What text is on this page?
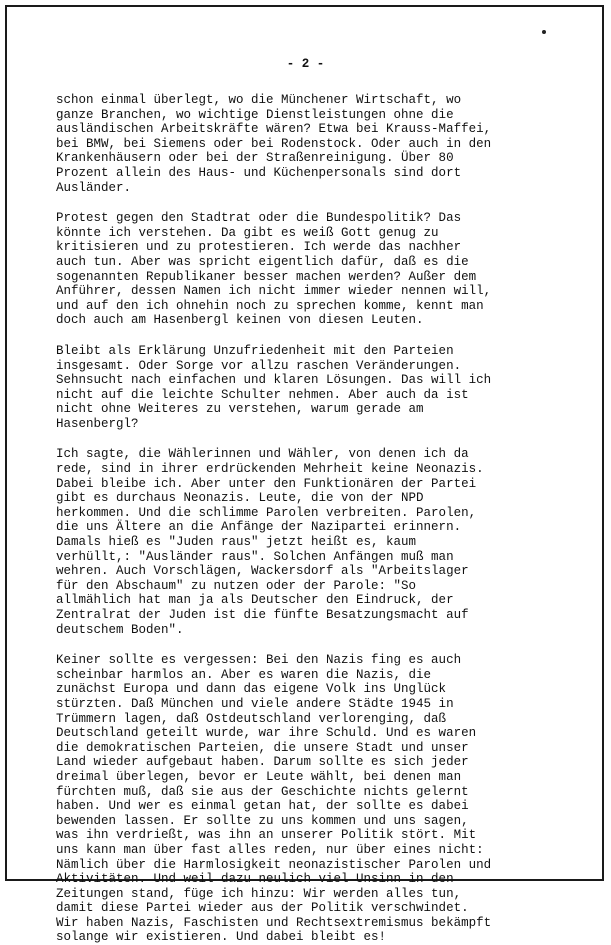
- 2 -

schon einmal überlegt, wo die Münchener Wirtschaft, wo
ganze Branchen, wo wichtige Dienstleistungen ohne die
ausländischen Arbeitskräfte wären? Etwa bei Krauss-Maffei,
bei BMW, bei Siemens oder bei Rodenstock. Oder auch in den
Krankenhäusern oder bei der Straßenreinigung. Über 80
Prozent allein des Haus- und Küchenpersonals sind dort
Ausländer.

Protest gegen den Stadtrat oder die Bundespolitik? Das
könnte ich verstehen. Da gibt es weiß Gott genug zu
kritisieren und zu protestieren. Ich werde das nachher
auch tun. Aber was spricht eigentlich dafür, daß es die
sogenannten Republikaner besser machen werden? Außer dem
Anführer, dessen Namen ich nicht immer wieder nennen will,
und auf den ich ohnehin noch zu sprechen komme, kennt man
doch auch am Hasenbergl keinen von diesen Leuten.

Bleibt als Erklärung Unzufriedenheit mit den Parteien
insgesamt. Oder Sorge vor allzu raschen Veränderungen.
Sehnsucht nach einfachen und klaren Lösungen. Das will ich
nicht auf die leichte Schulter nehmen. Aber auch da ist
nicht ohne Weiteres zu verstehen, warum gerade am
Hasenbergl?

Ich sagte, die Wählerinnen und Wähler, von denen ich da
rede, sind in ihrer erdrückenden Mehrheit keine Neonazis.
Dabei bleibe ich. Aber unter den Funktionären der Partei
gibt es durchaus Neonazis. Leute, die von der NPD
herkommen. Und die schlimme Parolen verbreiten. Parolen,
die uns Ältere an die Anfänge der Nazipartei erinnern.
Damals hieß es "Juden raus" jetzt heißt es, kaum
verhüllt,: "Ausländer raus". Solchen Anfängen muß man
wehren. Auch Vorschlägen, Wackersdorf als "Arbeitslager
für den Abschaum" zu nutzen oder der Parole: "So
allmählich hat man ja als Deutscher den Eindruck, der
Zentralrat der Juden ist die fünfte Besatzungsmacht auf
deutschem Boden".

Keiner sollte es vergessen: Bei den Nazis fing es auch
scheinbar harmlos an. Aber es waren die Nazis, die
zunächst Europa und dann das eigene Volk ins Unglück
stürzten. Daß München und viele andere Städte 1945 in
Trümmern lagen, daß Ostdeutschland verlorenging, daß
Deutschland geteilt wurde, war ihre Schuld. Und es waren
die demokratischen Parteien, die unsere Stadt und unser
Land wieder aufgebaut haben. Darum sollte es sich jeder
dreimal überlegen, bevor er Leute wählt, bei denen man
fürchten muß, daß sie aus der Geschichte nichts gelernt
haben. Und wer es einmal getan hat, der sollte es dabei
bewenden lassen. Er sollte zu uns kommen und uns sagen,
was ihn verdrießt, was ihn an unserer Politik stört. Mit
uns kann man über fast alles reden, nur über eines nicht:
Nämlich über die Harmlosigkeit neonazistischer Parolen und
Aktivitäten. Und weil dazu neulich viel Unsinn in den
Zeitungen stand, füge ich hinzu: Wir werden alles tun,
damit diese Partei wieder aus der Politik verschwindet.
Wir haben Nazis, Faschisten und Rechtsextremismus bekämpft
solange wir existieren. Und dabei bleibt es!
